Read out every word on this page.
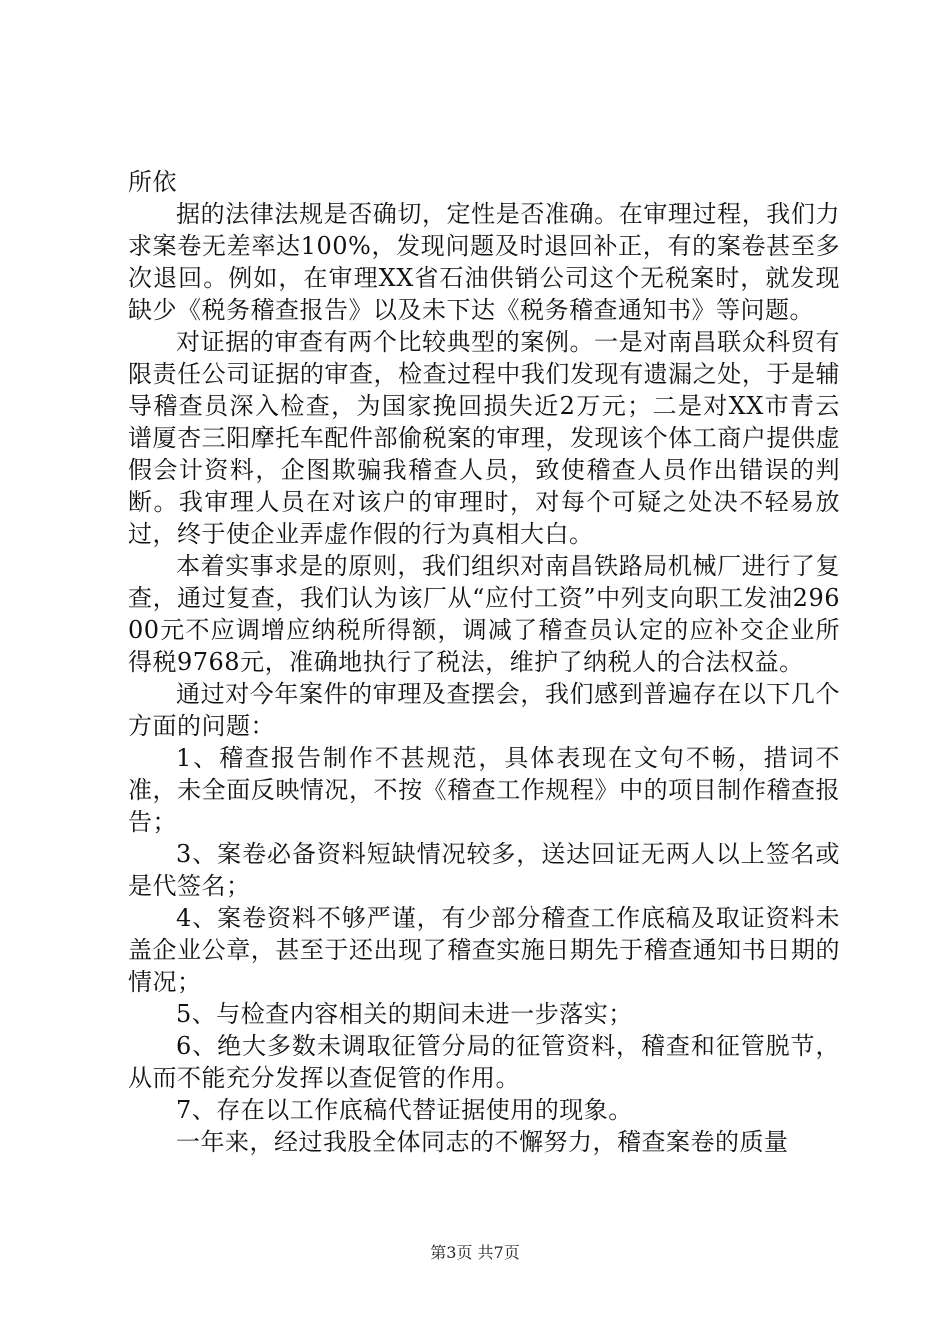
所依

据的法律法规是否确切，定性是否准确。在审理过程，我们力求案卷无差率达100%，发现问题及时退回补正，有的案卷甚至多次退回。例如，在审理XX省石油供销公司这个无税案时，就发现缺少《税务稽查报告》以及未下达《税务稽查通知书》等问题。

对证据的审查有两个比较典型的案例。一是对南昌联众科贸有限责任公司证据的审查，检查过程中我们发现有遗漏之处，于是辅导稽查员深入检查，为国家挽回损失近2万元；二是对XX市青云谱厦杏三阳摩托车配件部偷税案的审理，发现该个体工商户提供虚假会计资料，企图欺骗我稽查人员，致使稽查人员作出错误的判断。我审理人员在对该户的审理时，对每个可疑之处决不轻易放过，终于使企业弄虚作假的行为真相大白。

本着实事求是的原则，我们组织对南昌铁路局机械厂进行了复查，通过复查，我们认为该厂从“应付工资”中列支向职工发油29600元不应调增应纳税所得额，调减了稽查员认定的应补交企业所得税9768元，准确地执行了税法，维护了纳税人的合法权益。

通过对今年案件的审理及查摆会，我们感到普遍存在以下几个方面的问题：

1、稽查报告制作不甚规范，具体表现在文句不畅，措词不准，未全面反映情况，不按《稽查工作规程》中的项目制作稽查报告；

3、案卷必备资料短缺情况较多，送达回证无两人以上签名或是代签名；

4、案卷资料不够严谨，有少部分稽查工作底稿及取证资料未盖企业公章，甚至于还出现了稽查实施日期先于稽查通知书日期的情况；

5、与检查内容相关的期间未进一步落实；

6、绝大多数未调取征管分局的征管资料，稽查和征管脱节，从而不能充分发挥以查促管的作用。

7、存在以工作底稿代替证据使用的现象。

一年来，经过我股全体同志的不懈努力，稽查案卷的质量

第3页 共7页
